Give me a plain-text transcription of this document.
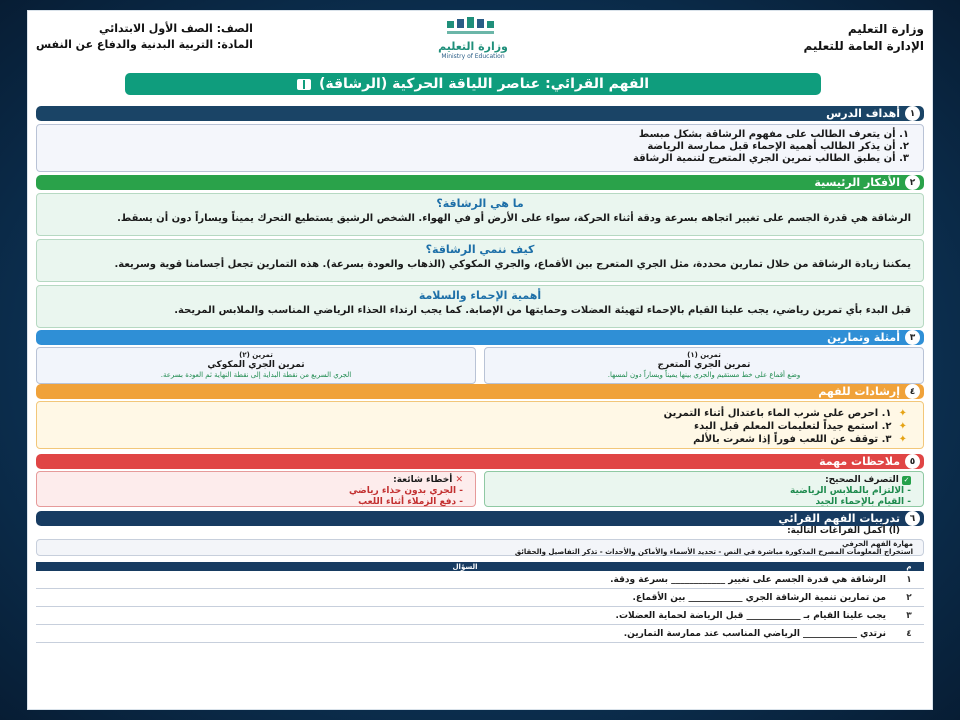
وزارة التعليم
الإدارة العامة للتعليم
وزارة التعليم
Ministry of Education
الصف: الصف الأول الابتدائي
المادة: التربية البدنية والدفاع عن النفس
الفهم القرائي: عناصر اللياقة الحركية (الرشاقة)
١
أهداف الدرس
١. أن يتعرف الطالب على مفهوم الرشاقة بشكل مبسط
٢. أن يذكر الطالب أهمية الإحماء قبل ممارسة الرياضة
٣. أن يطبق الطالب تمرين الجري المتعرج لتنمية الرشاقة
٢
الأفكار الرئيسية
ما هي الرشاقة؟
الرشاقة هي قدرة الجسم على تغيير اتجاهه بسرعة ودقة أثناء الحركة، سواء على الأرض أو في الهواء. الشخص الرشيق يستطيع التحرك يميناً ويساراً دون أن يسقط.
كيف ننمي الرشاقة؟
يمكننا زيادة الرشاقة من خلال تمارين محددة، مثل الجري المتعرج بين الأقماع، والجري المكوكي (الذهاب والعودة بسرعة). هذه التمارين تجعل أجسامنا قوية وسريعة.
أهمية الإحماء والسلامة
قبل البدء بأي تمرين رياضي، يجب علينا القيام بالإحماء لتهيئة العضلات وحمايتها من الإصابة. كما يجب ارتداء الحذاء الرياضي المناسب والملابس المريحة.
٣
أمثلة وتمارين
تمرين (١)
تمرين الجري المتعرج
وضع أقماع على خط مستقيم والجري بينها يميناً ويساراً دون لمسها.
تمرين (٢)
تمرين الجري المكوكي
الجري السريع من نقطة البداية إلى نقطة النهاية ثم العودة بسرعة.
٤
إرشادات للفهم
✦ ١. احرص على شرب الماء باعتدال أثناء التمرين
✦ ٢. استمع جيداً لتعليمات المعلم قبل البدء
✦ ٣. توقف عن اللعب فوراً إذا شعرت بالألم
٥
ملاحظات مهمة
✓ التصرف الصحيح:
- الالتزام بالملابس الرياضية
- القيام بالإحماء الجيد
✕ أخطاء شائعة:
- الجري بدون حذاء رياضي
- دفع الزملاء أثناء اللعب
٦
تدريبات الفهم القرائي
(أ) أكمل الفراغات التالية:
مهارة الفهم الحرفي
استخراج المعلومات المصرح المذكورة مباشرة في النص - تحديد الأسماء والأماكن والأحداث - تذكر التفاصيل والحقائق
م	السؤال
١	الرشاقة هي قدرة الجسم على تغيير ____________ بسرعة ودقة.
٢	من تمارين تنمية الرشاقة الجري ____________ بين الأقماع.
٣	يجب علينا القيام بـ ____________ قبل الرياضة لحماية العضلات.
٤	نرتدي ____________ الرياضي المناسب عند ممارسة التمارين.
